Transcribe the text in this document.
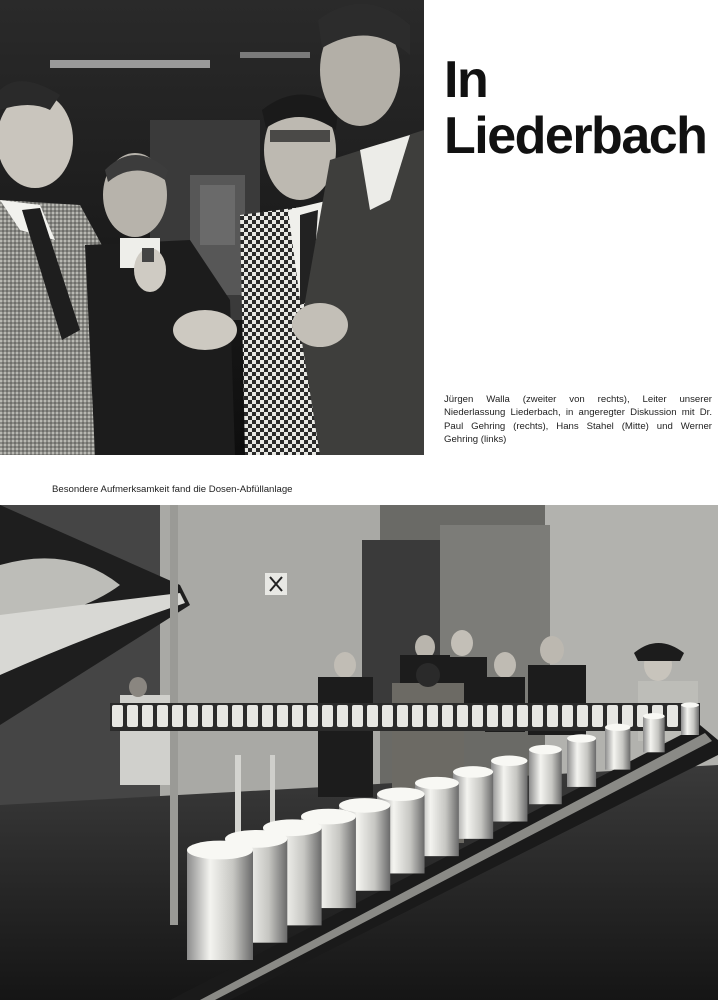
In
Liederbach

Jürgen Walla (zweiter von rechts), Leiter unserer Niederlassung Liederbach, in angeregter Diskussion mit Dr. Paul Gehring (rechts), Hans Stahel (Mitte) und Werner Gehring (links)

Besondere Aufmerksamkeit fand die Dosen-Abfüllanlage
